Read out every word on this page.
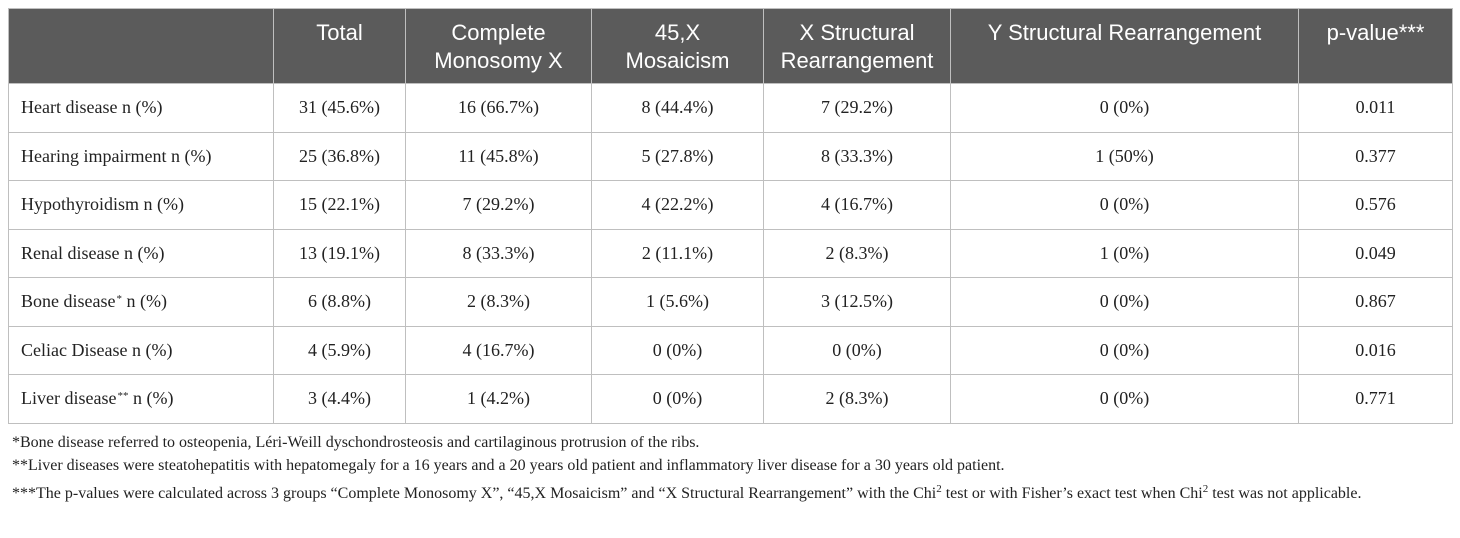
	Total	Complete Monosomy X	45,X Mosaicism	X Structural Rearrangement	Y Structural Rearrangement	p-value***
Heart disease n (%)	31 (45.6%)	16 (66.7%)	8 (44.4%)	7 (29.2%)	0 (0%)	0.011
Hearing impairment n (%)	25 (36.8%)	11 (45.8%)	5 (27.8%)	8 (33.3%)	1 (50%)	0.377
Hypothyroidism n (%)	15 (22.1%)	7 (29.2%)	4 (22.2%)	4 (16.7%)	0 (0%)	0.576
Renal disease n (%)	13 (19.1%)	8 (33.3%)	2 (11.1%)	2 (8.3%)	1 (0%)	0.049
Bone disease* n (%)	6 (8.8%)	2 (8.3%)	1 (5.6%)	3 (12.5%)	0 (0%)	0.867
Celiac Disease n (%)	4 (5.9%)	4 (16.7%)	0 (0%)	0 (0%)	0 (0%)	0.016
Liver disease** n (%)	3 (4.4%)	1 (4.2%)	0 (0%)	2 (8.3%)	0 (0%)	0.771

*Bone disease referred to osteopenia, Léri-Weill dyschondrosteosis and cartilaginous protrusion of the ribs.

**Liver diseases were steatohepatitis with hepatomegaly for a 16 years and a 20 years old patient and inflammatory liver disease for a 30 years old patient.

***The p-values were calculated across 3 groups “Complete Monosomy X”, “45,X Mosaicism” and “X Structural Rearrangement” with the Chi$^2$ test or with Fisher’s exact test when Chi$^2$ test was not applicable.
